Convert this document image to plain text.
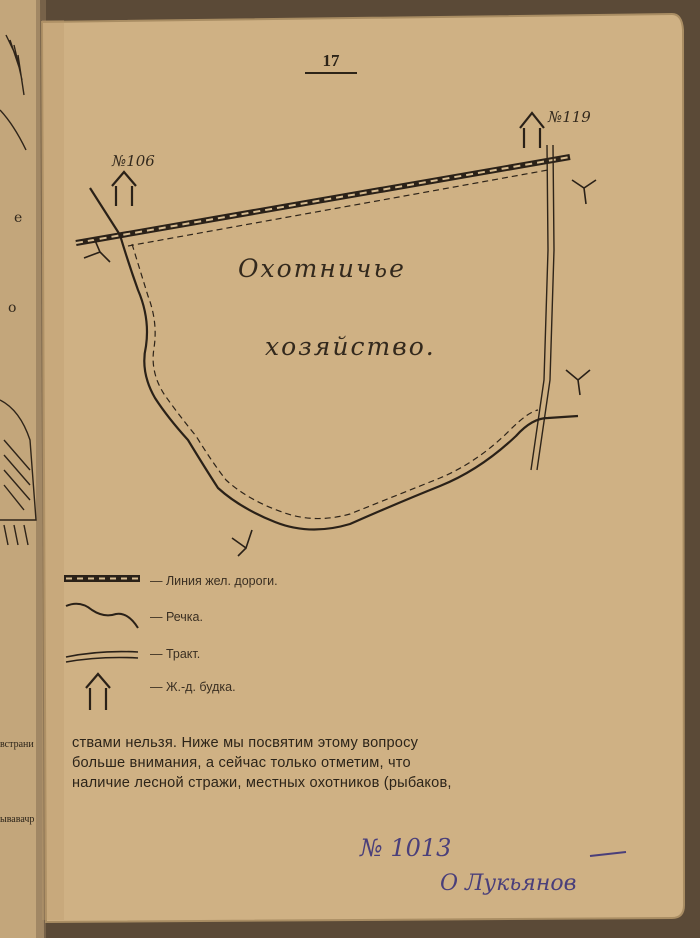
е
о
встрани
ывавачр
№106
№119
Охотничье
хозяйство.
№ 1013
О Лукьянов
17
— Линия жел. дороги.
— Речка.
— Тракт.
— Ж.-д. будка.
ствами нельзя. Ниже мы посвятим этому вопросу
больше внимания, а сейчас только отметим, что
наличие лесной стражи, местных охотников (рыбаков,
